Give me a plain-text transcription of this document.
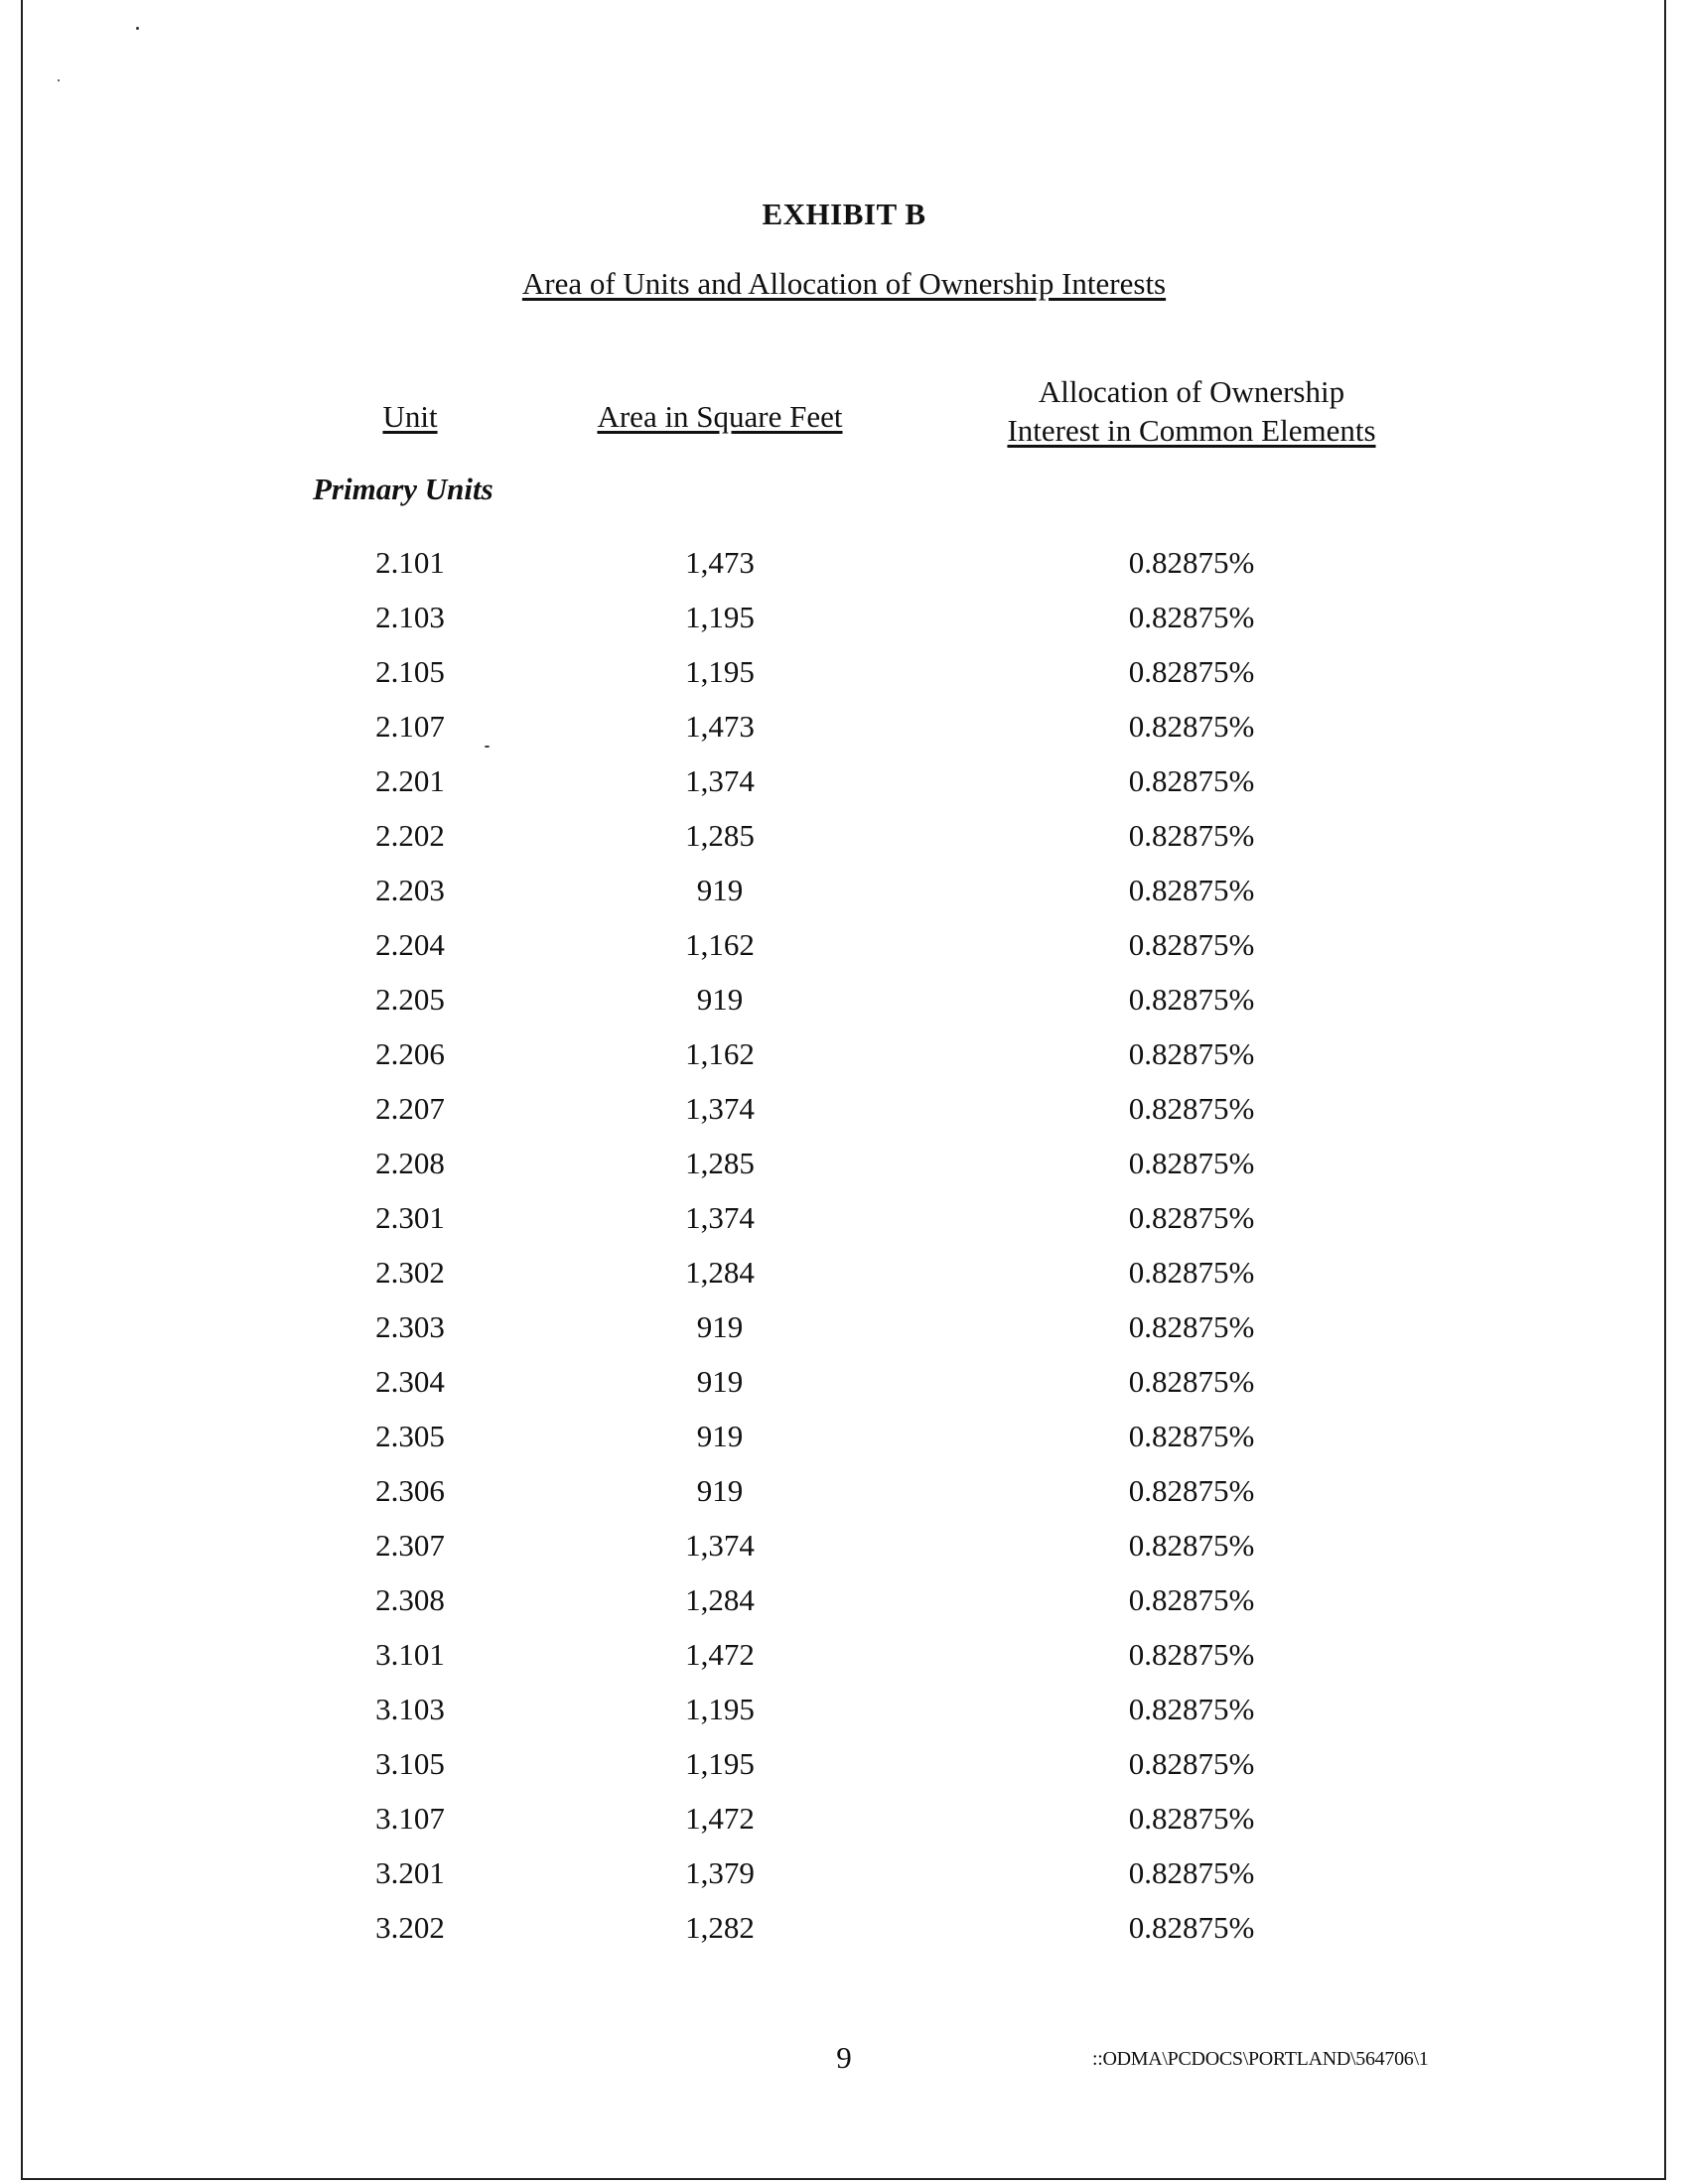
EXHIBIT B
Area of Units and Allocation of Ownership Interests
Unit	Area in Square Feet
Allocation of Ownership
Interest in Common Elements
Primary Units
2.101	1,473	0.82875%
2.103	1,195	0.82875%
2.105	1,195	0.82875%
2.107	1,473	0.82875%
2.201	1,374	0.82875%
2.202	1,285	0.82875%
2.203	919	0.82875%
2.204	1,162	0.82875%
2.205	919	0.82875%
2.206	1,162	0.82875%
2.207	1,374	0.82875%
2.208	1,285	0.82875%
2.301	1,374	0.82875%
2.302	1,284	0.82875%
2.303	919	0.82875%
2.304	919	0.82875%
2.305	919	0.82875%
2.306	919	0.82875%
2.307	1,374	0.82875%
2.308	1,284	0.82875%
3.101	1,472	0.82875%
3.103	1,195	0.82875%
3.105	1,195	0.82875%
3.107	1,472	0.82875%
3.201	1,379	0.82875%
3.202	1,282	0.82875%
9	::ODMA\PCDOCS\PORTLAND\564706\1
